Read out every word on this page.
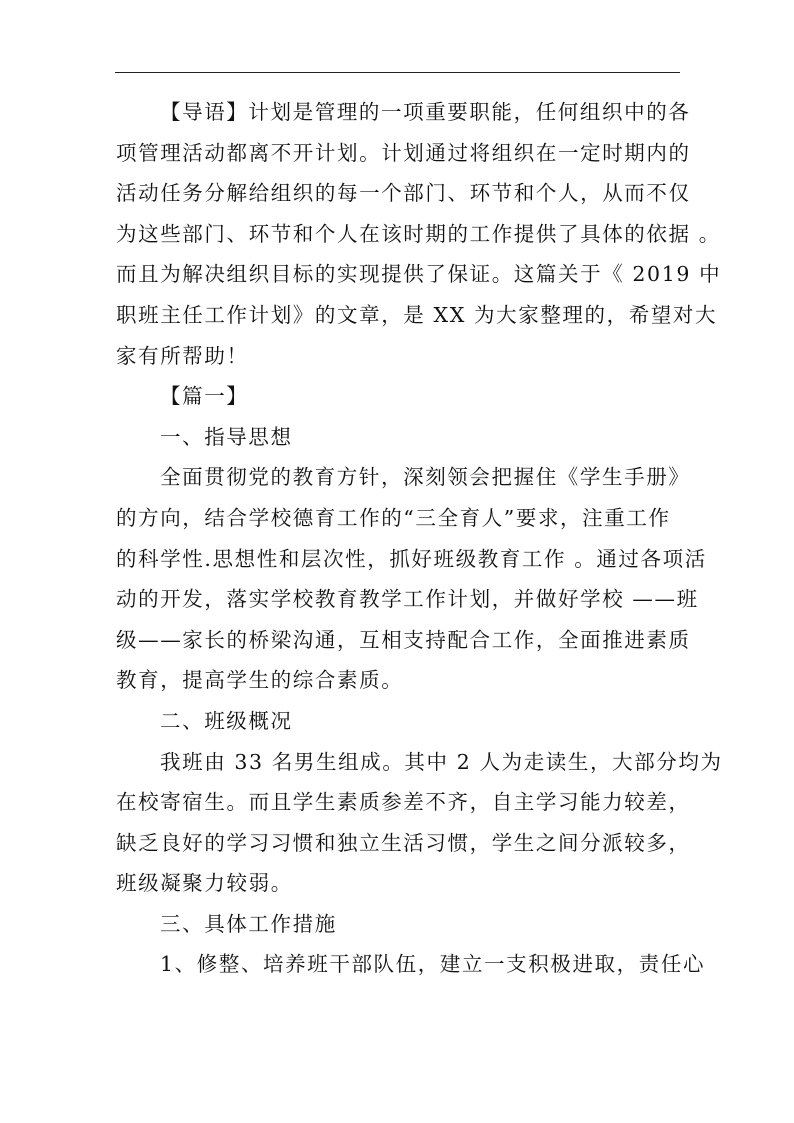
【导语】计划是管理的一项重要职能，任何组织中的各
项管理活动都离不开计划。计划通过将组织在一定时期内的
活动任务分解给组织的每一个部门、环节和个人，从而不仅
为这些部门、环节和个人在该时期的工作提供了具体的依据 。
而且为解决组织目标的实现提供了保证。这篇关于《 2019 中
职班主任工作计划》的文章，是 XX 为大家整理的，希望对大
家有所帮助！
【篇一】
一、指导思想
全面贯彻党的教育方针，深刻领会把握住《学生手册》
的方向，结合学校德育工作的“三全育人”要求，注重工作
的科学性.思想性和层次性，抓好班级教育工作 。通过各项活
动的开发，落实学校教育教学工作计划，并做好学校 ——班
级——家长的桥梁沟通，互相支持配合工作，全面推进素质
教育，提高学生的综合素质。
二、班级概况
我班由 33 名男生组成。其中 2 人为走读生，大部分均为
在校寄宿生。而且学生素质参差不齐，自主学习能力较差，
缺乏良好的学习习惯和独立生活习惯，学生之间分派较多，
班级凝聚力较弱。
三、具体工作措施
1、修整、培养班干部队伍，建立一支积极进取，责任心
